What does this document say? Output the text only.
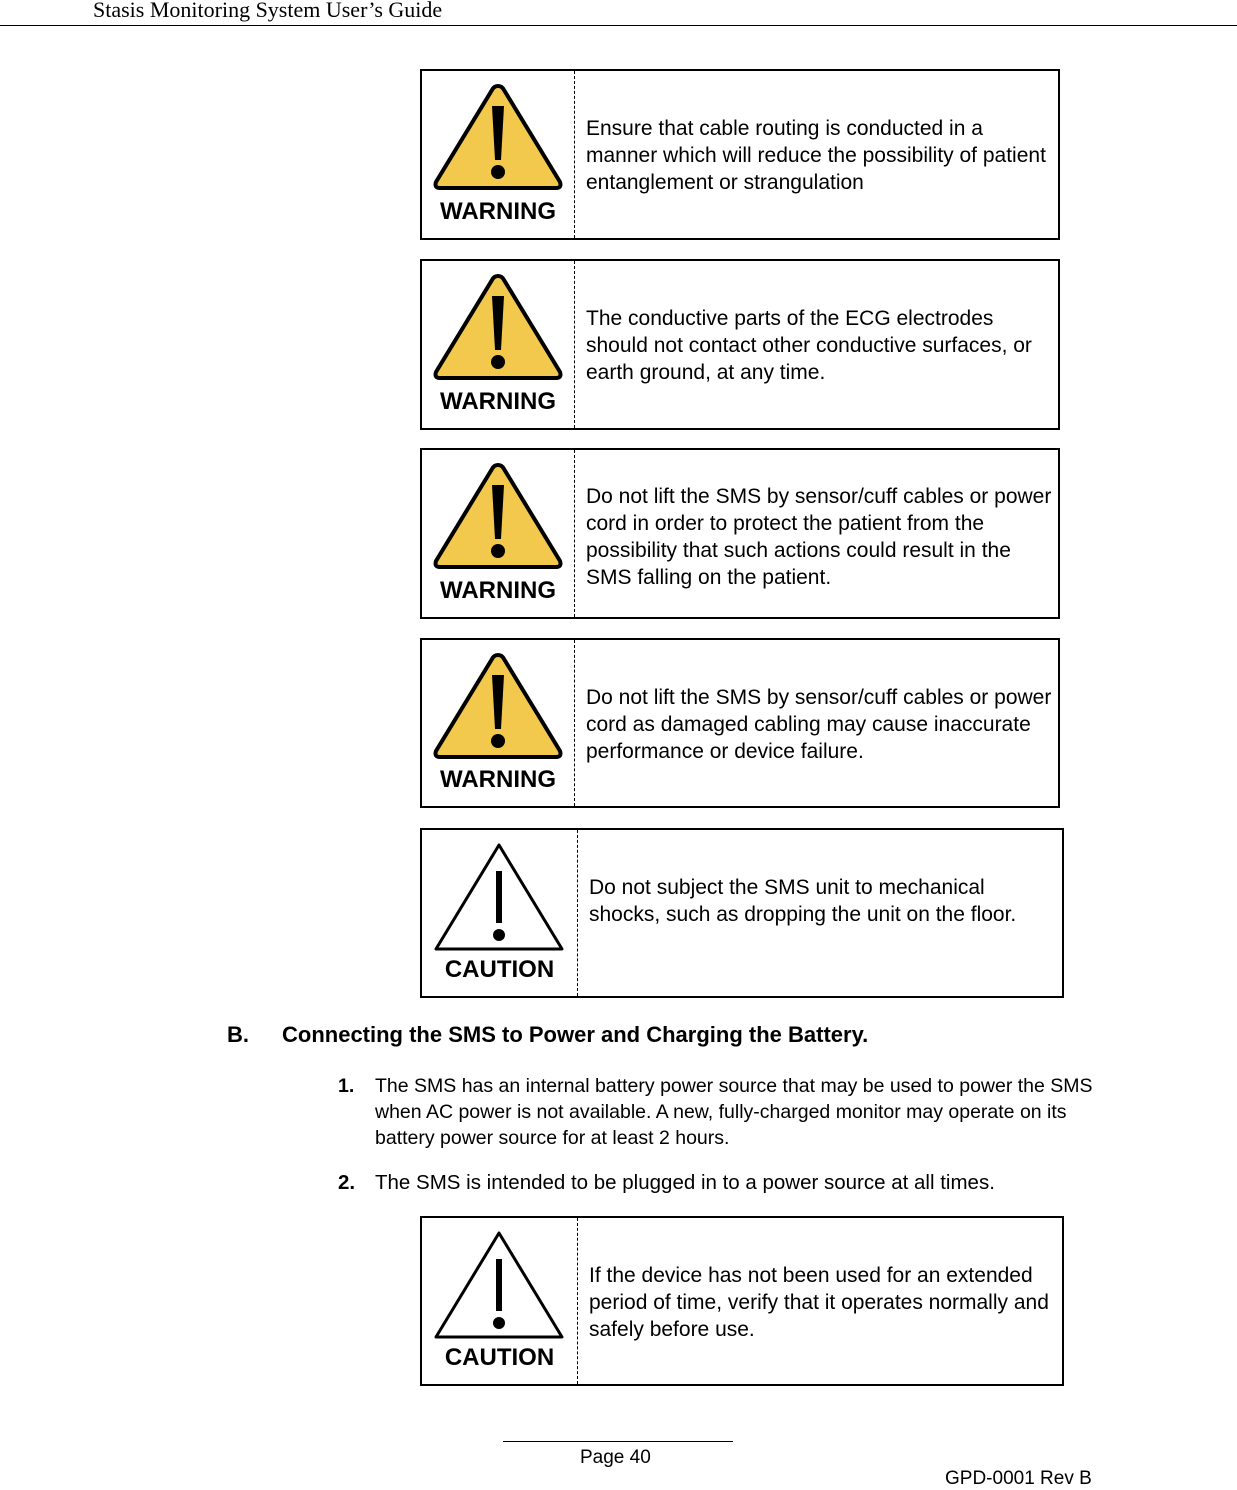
Stasis Monitoring System User’s Guide
WARNING
Ensure that cable routing is conducted in a manner which will reduce the possibility of patient entanglement or strangulation
WARNING
The conductive parts of the ECG electrodes should not contact other conductive surfaces, or earth ground, at any time.
WARNING
Do not lift the SMS by sensor/cuff cables or power cord in order to protect the patient from the possibility that such actions could result in the SMS falling on the patient.
WARNING
Do not lift the SMS by sensor/cuff cables or power cord as damaged cabling may cause inaccurate performance or device failure.
CAUTION
Do not subject the SMS unit to mechanical shocks, such as dropping the unit on the floor.
B. Connecting the SMS to Power and Charging the Battery.
1. The SMS has an internal battery power source that may be used to power the SMS when AC power is not available. A new, fully-charged monitor may operate on its battery power source for at least 2 hours.
2. The SMS is intended to be plugged in to a power source at all times.
CAUTION
If the device has not been used for an extended period of time, verify that it operates normally and safely before use.
Page 40
GPD-0001 Rev B
